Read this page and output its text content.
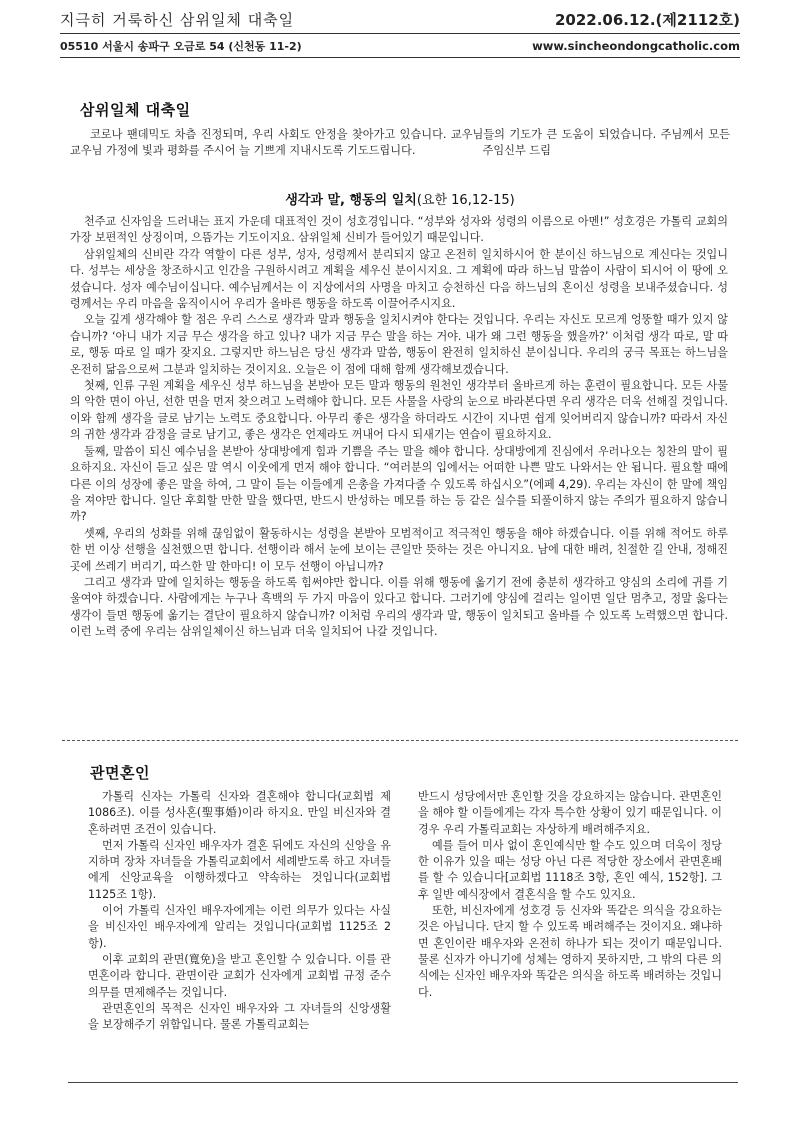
지극히 거룩하신 삼위일체 대축일	2022.06.12.(제2112호)
05510 서울시 송파구 오금로 54 (신천동 11-2)	www.sincheondongcatholic.com
삼위일체 대축일

코로나 팬데믹도 차츰 진정되며, 우리 사회도 안정을 찾아가고 있습니다. 교우님들의 기도가 큰 도움이 되었습니다. 주님께서 모든 교우님 가정에 빛과 평화를 주시어 늘 기쁘게 지내시도록 기도드립니다.　　　　　　주임신부 드림

생각과 말, 행동의 일치(요한 16,12-15)

천주교 신자임을 드러내는 표지 가운데 대표적인 것이 성호경입니다. “성부와 성자와 성령의 이름으로 아멘!” 성호경은 가톨릭 교회의 가장 보편적인 상징이며, 으뜸가는 기도이지요. 삼위일체 신비가 들어있기 때문입니다.

삼위일체의 신비란 각각 역할이 다른 성부, 성자, 성령께서 분리되지 않고 온전히 일치하시어 한 분이신 하느님으로 계신다는 것입니다. 성부는 세상을 창조하시고 인간을 구원하시려고 계획을 세우신 분이시지요. 그 계획에 따라 하느님 말씀이 사람이 되시어 이 땅에 오셨습니다. 성자 예수님이십니다. 예수님께서는 이 지상에서의 사명을 마치고 승천하신 다음 하느님의 혼이신 성령을 보내주셨습니다. 성령께서는 우리 마음을 움직이시어 우리가 올바른 행동을 하도록 이끌어주시지요.

오늘 깊게 생각해야 할 점은 우리 스스로 생각과 말과 행동을 일치시켜야 한다는 것입니다. 우리는 자신도 모르게 엉뚱할 때가 있지 않습니까? ‘아니 내가 지금 무슨 생각을 하고 있나? 내가 지금 무슨 말을 하는 거야. 내가 왜 그런 행동을 했을까?’ 이처럼 생각 따로, 말 따로, 행동 따로 일 때가 잦지요. 그렇지만 하느님은 당신 생각과 말씀, 행동이 완전히 일치하신 분이십니다. 우리의 궁극 목표는 하느님을 온전히 닮음으로써 그분과 일치하는 것이지요. 오늘은 이 점에 대해 함께 생각해보겠습니다.

첫째, 인류 구원 계획을 세우신 성부 하느님을 본받아 모든 말과 행동의 원천인 생각부터 올바르게 하는 훈련이 필요합니다. 모든 사물의 악한 면이 아닌, 선한 면을 먼저 찾으려고 노력해야 합니다. 모든 사물을 사랑의 눈으로 바라본다면 우리 생각은 더욱 선해질 것입니다. 이와 함께 생각을 글로 남기는 노력도 중요합니다. 아무리 좋은 생각을 하더라도 시간이 지나면 쉽게 잊어버리지 않습니까? 따라서 자신의 귀한 생각과 감정을 글로 남기고, 좋은 생각은 언제라도 꺼내어 다시 되새기는 연습이 필요하지요.

둘째, 말씀이 되신 예수님을 본받아 상대방에게 힘과 기쁨을 주는 말을 해야 합니다. 상대방에게 진심에서 우러나오는 칭찬의 말이 필요하지요. 자신이 듣고 싶은 말 역시 이웃에게 먼저 해야 합니다. “여러분의 입에서는 어떠한 나쁜 말도 나와서는 안 됩니다. 필요할 때에 다른 이의 성장에 좋은 말을 하여, 그 말이 듣는 이들에게 은총을 가져다줄 수 있도록 하십시오”(에페 4,29). 우리는 자신이 한 말에 책임을 져야만 합니다. 일단 후회할 만한 말을 했다면, 반드시 반성하는 메모를 하는 등 같은 실수를 되풀이하지 않는 주의가 필요하지 않습니까?

셋째, 우리의 성화를 위해 끊임없이 활동하시는 성령을 본받아 모범적이고 적극적인 행동을 해야 하겠습니다. 이를 위해 적어도 하루 한 번 이상 선행을 실천했으면 합니다. 선행이라 해서 눈에 보이는 큰일만 뜻하는 것은 아니지요. 남에 대한 배려, 친절한 길 안내, 정해진 곳에 쓰레기 버리기, 따스한 말 한마디! 이 모두 선행이 아닙니까?

그리고 생각과 말에 일치하는 행동을 하도록 힘써야만 합니다. 이를 위해 행동에 옮기기 전에 충분히 생각하고 양심의 소리에 귀를 기울여야 하겠습니다. 사람에게는 누구나 흑백의 두 가지 마음이 있다고 합니다. 그러기에 양심에 걸리는 일이면 일단 멈추고, 정말 옳다는 생각이 들면 행동에 옮기는 결단이 필요하지 않습니까? 이처럼 우리의 생각과 말, 행동이 일치되고 올바를 수 있도록 노력했으면 합니다. 이런 노력 중에 우리는 삼위일체이신 하느님과 더욱 일치되어 나갈 것입니다.

관면혼인

가톨릭 신자는 가톨릭 신자와 결혼해야 합니다(교회법 제1086조). 이를 성사혼(聖事婚)이라 하지요. 만일 비신자와 결혼하려면 조건이 있습니다.

먼저 가톨릭 신자인 배우자가 결혼 뒤에도 자신의 신앙을 유지하며 장차 자녀들을 가톨릭교회에서 세례받도록 하고 자녀들에게 신앙교육을 이행하겠다고 약속하는 것입니다(교회법 1125조 1항).

이어 가톨릭 신자인 배우자에게는 이런 의무가 있다는 사실을 비신자인 배우자에게 알리는 것입니다(교회법 1125조 2항).

이후 교회의 관면(寬免)을 받고 혼인할 수 있습니다. 이를 관면혼이라 합니다. 관면이란 교회가 신자에게 교회법 규정 준수 의무를 면제해주는 것입니다.

관면혼인의 목적은 신자인 배우자와 그 자녀들의 신앙생활을 보장해주기 위함입니다. 물론 가톨릭교회는

반드시 성당에서만 혼인할 것을 강요하지는 않습니다. 관면혼인을 해야 할 이들에게는 각자 특수한 상황이 있기 때문입니다. 이 경우 우리 가톨릭교회는 자상하게 배려해주지요.

예를 들어 미사 없이 혼인예식만 할 수도 있으며 더욱이 정당한 이유가 있을 때는 성당 아닌 다른 적당한 장소에서 관면혼배를 할 수 있습니다[교회법 1118조 3항, 혼인 예식, 152항]. 그 후 일반 예식장에서 결혼식을 할 수도 있지요.

또한, 비신자에게 성호경 등 신자와 똑같은 의식을 강요하는 것은 아닙니다. 단지 할 수 있도록 배려해주는 것이지요. 왜냐하면 혼인이란 배우자와 온전히 하나가 되는 것이기 때문입니다. 물론 신자가 아니기에 성체는 영하지 못하지만, 그 밖의 다른 의식에는 신자인 배우자와 똑같은 의식을 하도록 배려하는 것입니다.
